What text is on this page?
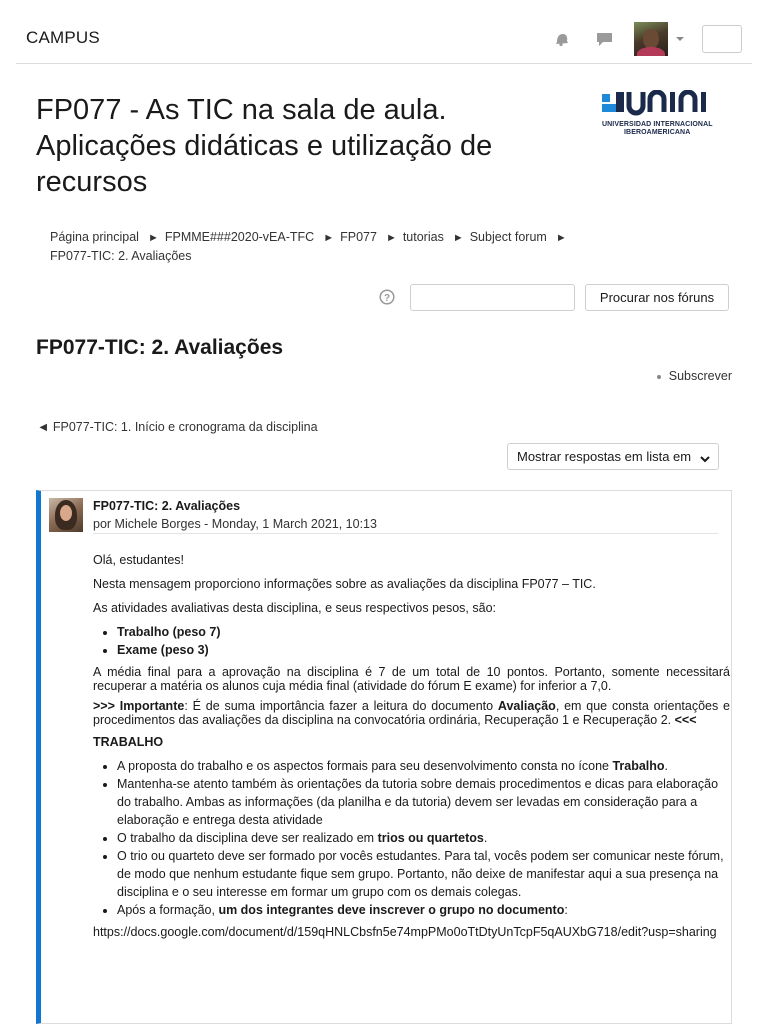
CAMPUS
FP077 - As TIC na sala de aula. Aplicações didáticas e utilização de recursos
UNIVERSIDAD INTERNACIONAL
IBEROAMERICANA
Página principal ► FPMME###2020-vEA-TFC ► FP077 ► tutorias ► Subject forum ►
FP077-TIC: 2. Avaliações
?	Procurar nos fóruns
FP077-TIC: 2. Avaliações
Subscrever
◄ FP077-TIC: 1. Início e cronograma da disciplina
Mostrar respostas em lista em
FP077-TIC: 2. Avaliações
por Michele Borges - Monday, 1 March 2021, 10:13

Olá, estudantes!

Nesta mensagem proporciono informações sobre as avaliações da disciplina FP077 – TIC.

As atividades avaliativas desta disciplina, e seus respectivos pesos, são:

• Trabalho (peso 7)
• Exame (peso 3)

A média final para a aprovação na disciplina é 7 de um total de 10 pontos. Portanto, somente necessitará recuperar a matéria os alunos cuja média final (atividade do fórum E exame) for inferior a 7,0.

>>> Importante: É de suma importância fazer a leitura do documento Avaliação, em que consta orientações e procedimentos das avaliações da disciplina na convocatória ordinária, Recuperação 1 e Recuperação 2. <<<

TRABALHO

• A proposta do trabalho e os aspectos formais para seu desenvolvimento consta no ícone Trabalho.
• Mantenha-se atento também às orientações da tutoria sobre demais procedimentos e dicas para elaboração do trabalho. Ambas as informações (da planilha e da tutoria) devem ser levadas em consideração para a elaboração e entrega desta atividade
• O trabalho da disciplina deve ser realizado em trios ou quartetos.
• O trio ou quarteto deve ser formado por vocês estudantes. Para tal, vocês podem ser comunicar neste fórum, de modo que nenhum estudante fique sem grupo. Portanto, não deixe de manifestar aqui a sua presença na disciplina e o seu interesse em formar um grupo com os demais colegas.
• Após a formação, um dos integrantes deve inscrever o grupo no documento:

https://docs.google.com/document/d/159qHNLCbsfn5e74mpPMo0oTtDtyUnTcpF5qAUXbG718/edit?usp=sharing
